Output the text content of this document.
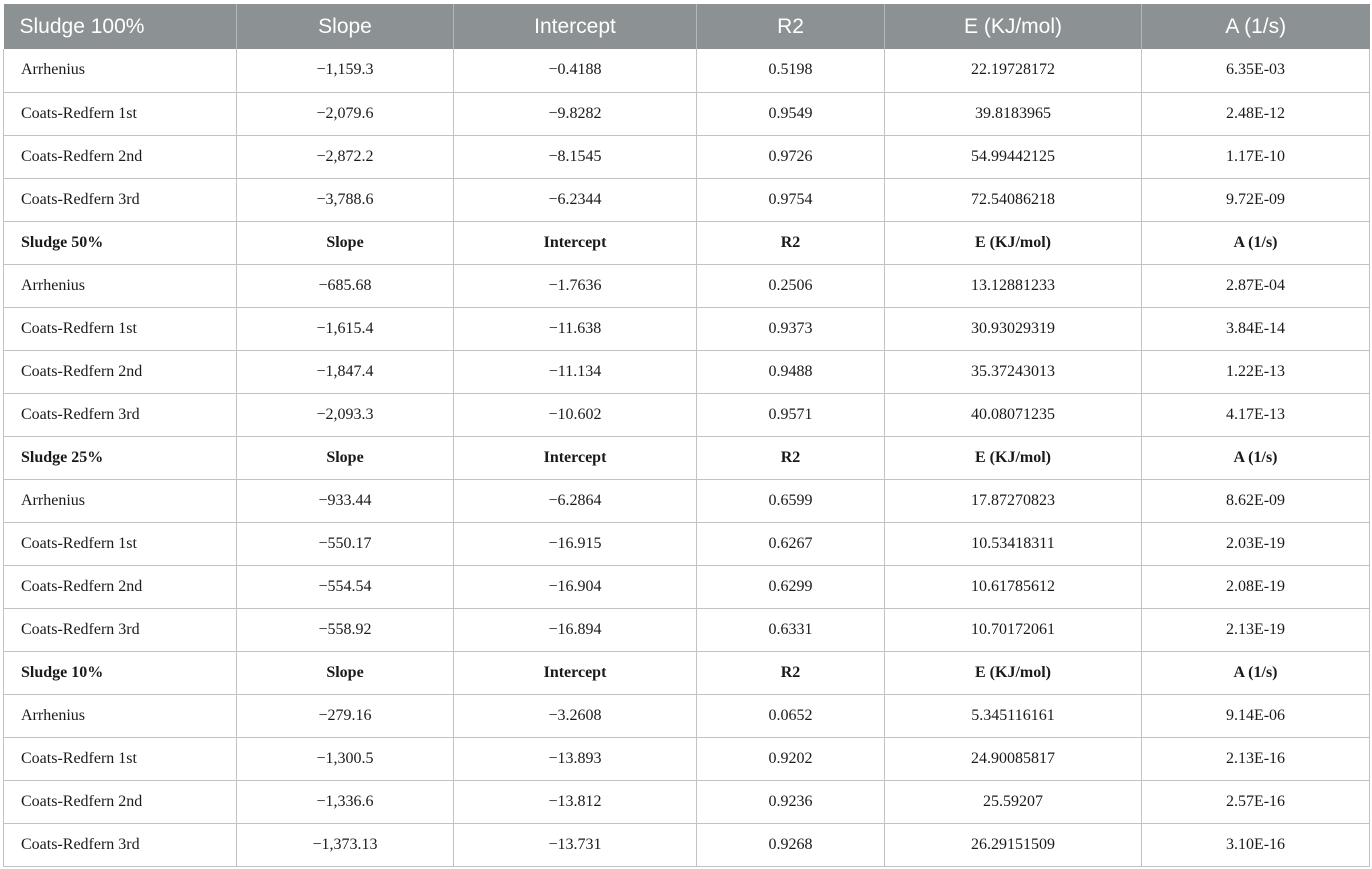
Sludge 100%	Slope	Intercept	R2	E (KJ/mol)	A (1/s)
Arrhenius	−1,159.3	−0.4188	0.5198	22.19728172	6.35E-03
Coats-Redfern 1st	−2,079.6	−9.8282	0.9549	39.8183965	2.48E-12
Coats-Redfern 2nd	−2,872.2	−8.1545	0.9726	54.99442125	1.17E-10
Coats-Redfern 3rd	−3,788.6	−6.2344	0.9754	72.54086218	9.72E-09
Sludge 50%	Slope	Intercept	R2	E (KJ/mol)	A (1/s)
Arrhenius	−685.68	−1.7636	0.2506	13.12881233	2.87E-04
Coats-Redfern 1st	−1,615.4	−11.638	0.9373	30.93029319	3.84E-14
Coats-Redfern 2nd	−1,847.4	−11.134	0.9488	35.37243013	1.22E-13
Coats-Redfern 3rd	−2,093.3	−10.602	0.9571	40.08071235	4.17E-13
Sludge 25%	Slope	Intercept	R2	E (KJ/mol)	A (1/s)
Arrhenius	−933.44	−6.2864	0.6599	17.87270823	8.62E-09
Coats-Redfern 1st	−550.17	−16.915	0.6267	10.53418311	2.03E-19
Coats-Redfern 2nd	−554.54	−16.904	0.6299	10.61785612	2.08E-19
Coats-Redfern 3rd	−558.92	−16.894	0.6331	10.70172061	2.13E-19
Sludge 10%	Slope	Intercept	R2	E (KJ/mol)	A (1/s)
Arrhenius	−279.16	−3.2608	0.0652	5.345116161	9.14E-06
Coats-Redfern 1st	−1,300.5	−13.893	0.9202	24.90085817	2.13E-16
Coats-Redfern 2nd	−1,336.6	−13.812	0.9236	25.59207	2.57E-16
Coats-Redfern 3rd	−1,373.13	−13.731	0.9268	26.29151509	3.10E-16
